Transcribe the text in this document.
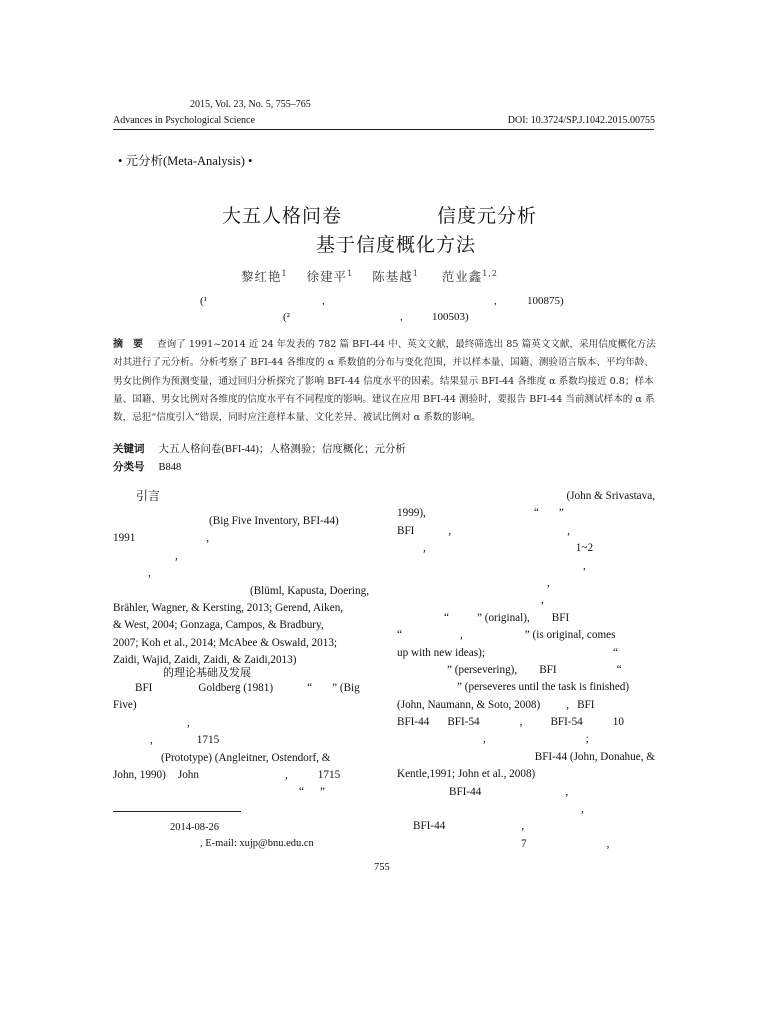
2015, Vol. 23, No. 5, 755–765
Advances in Psychological Science	DOI: 10.3724/SP.J.1042.2015.00755
• 元分析(Meta-Analysis) •
大五人格问卷	信度元分析
基于信度概化方法
黎红艳$^1$ 徐建平$^1$ 陈基越$^1$ 范业鑫$^{1,2}$
(¹	,	,	100875)
(²	,	100503)
摘　要 查询了 1991~2014 近 24 年发表的 782 篇 BFI-44 中、英文文献，最终筛选出 85 篇英文文献，采用信度概化方法对其进行了元分析。分析考察了 BFI-44 各维度的 α 系数值的分布与变化范围，并以样本量、国籍、测验语言版本、平均年龄、男女比例作为预测变量，通过回归分析探究了影响 BFI-44 信度水平的因素。结果显示 BFI-44 各维度 α 系数均接近 0.8；样本量、国籍、男女比例对各维度的信度水平有不同程度的影响。建议在应用 BFI-44 测验时，要报告 BFI-44 当前测试样本的 α 系数，忌犯“信度引入”错误，同时应注意样本量、文化差异、被试比例对 α 系数的影响。
关键词 大五人格问卷(BFI-44)；人格测验；信度概化；元分析
分类号 B848
引言
(Big Five Inventory, BFI-44)
1991	,
,
,
(Blüml, Kapusta, Doering,
Brähler, Wagner, & Kersting, 2013; Gerend, Aiken,
& West, 2004; Gonzaga, Campos, & Bradbury,
2007; Koh et al., 2014; McAbee & Oswald, 2013;
Zaidi, Wajid, Zaidi, Zaidi, & Zaidi,2013)
的理论基础及发展
BFI	Goldberg (1981)	“ ” (Big
Five)
,
,	1715
(Prototype) (Angleitner, Ostendorf, &
John, 1990) John	,	1715
“ ”
2014-08-26
, E-mail: xujp@bnu.edu.cn
(John & Srivastava,
1999),	“ ”
BFI	,	,
,	1~2
,
,
,
“	” (original), BFI
“	,	” (is original, comes
up with new ideas);	“
” (persevering), BFI	“
” (perseveres until the task is finished)
(John, Naumann, & Soto, 2008) , BFI
BFI-44 BFI-54	,	BFI-54	10
,	;
BFI-44 (John, Donahue, &
Kentle,1991; John et al., 2008)
BFI-44	,
,
BFI-44	,
7	,
755
